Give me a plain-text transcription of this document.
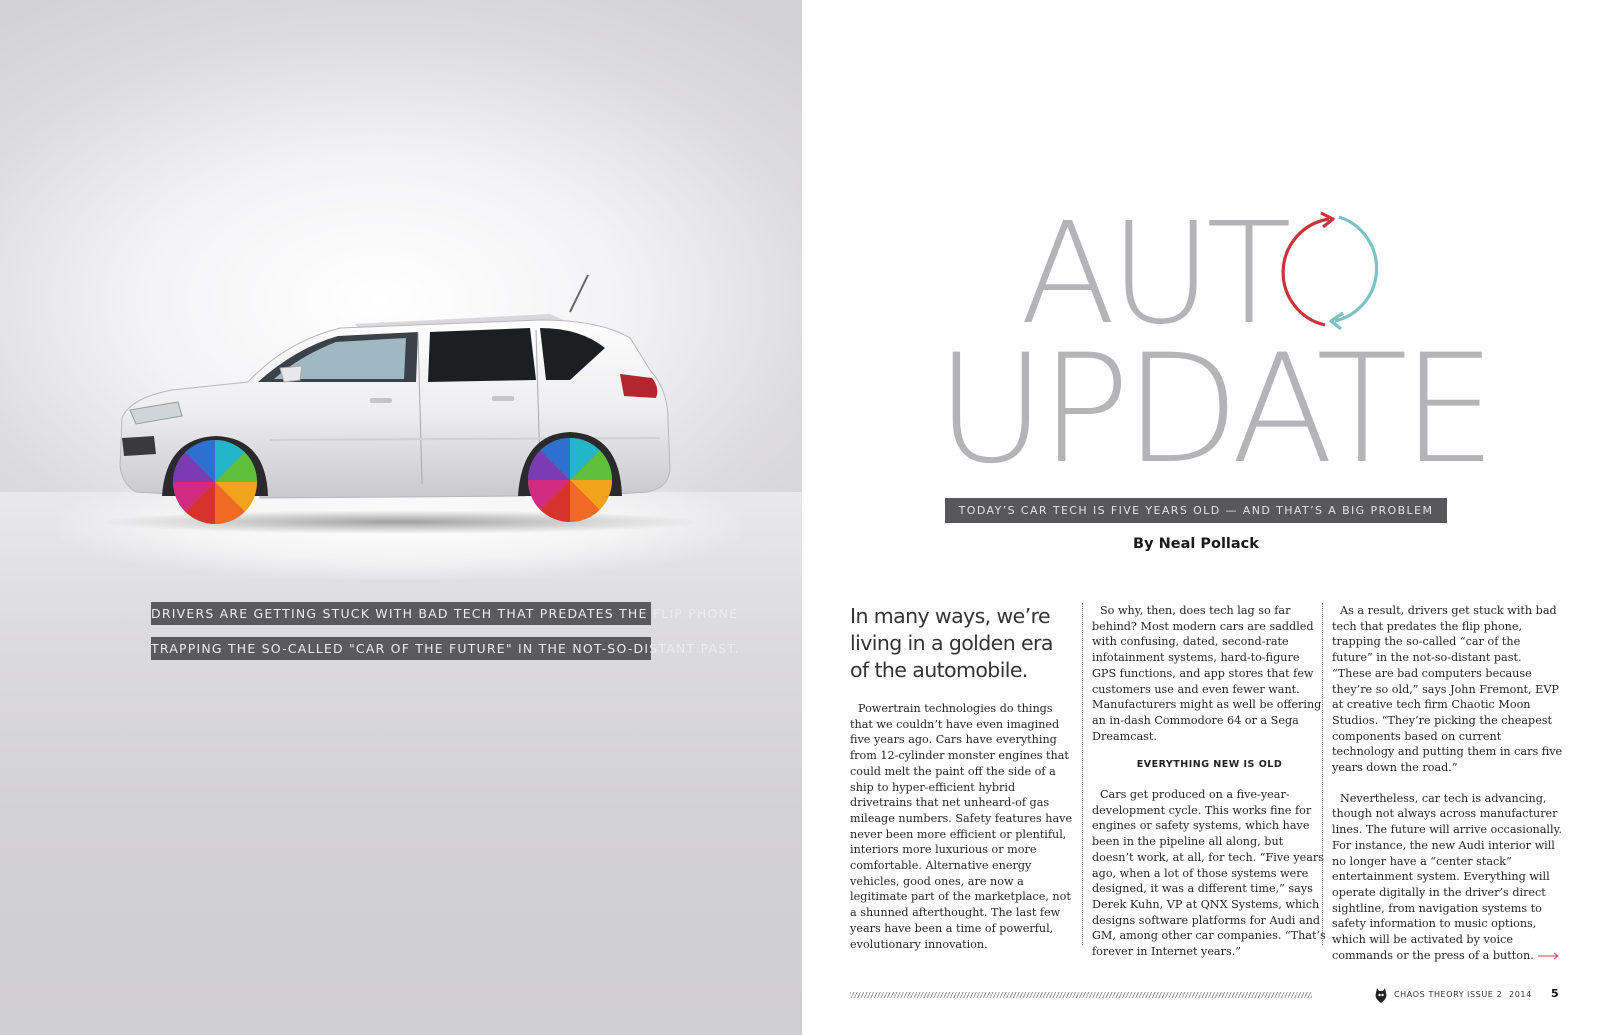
DRIVERS ARE GETTING STUCK WITH BAD TECH THAT PREDATES THE FLIP PHONE
TRAPPING THE SO-CALLED "CAR OF THE FUTURE" IN THE NOT-SO-DISTANT PAST.
AUT
UPDATE
TODAY’S CAR TECH IS FIVE YEARS OLD — AND THAT’S A BIG PROBLEM
By Neal Pollack
In many ways, we’re living in a golden era of the automobile.

Powertrain technologies do things that we couldn’t have even imagined five years ago. Cars have everything from 12-cylinder monster engines that could melt the paint off the side of a ship to hyper-efficient hybrid drivetrains that net unheard-of gas mileage numbers. Safety features have never been more efficient or plentiful, interiors more luxurious or more comfortable. Alternative energy vehicles, good ones, are now a legitimate part of the marketplace, not a shunned afterthought. The last few years have been a time of powerful, evolutionary innovation.

So why, then, does tech lag so far behind? Most modern cars are saddled with confusing, dated, second-rate infotainment systems, hard-to-figure GPS functions, and app stores that few customers use and even fewer want. Manufacturers might as well be offering an in-dash Commodore 64 or a Sega Dreamcast.

EVERYTHING NEW IS OLD

Cars get produced on a five-year-development cycle. This works fine for engines or safety systems, which have been in the pipeline all along, but doesn’t work, at all, for tech. “Five years ago, when a lot of those systems were designed, it was a different time,” says Derek Kuhn, VP at QNX Systems, which designs software platforms for Audi and GM, among other car companies. “That’s forever in Internet years.”

As a result, drivers get stuck with bad tech that predates the flip phone, trapping the so-called “car of the future” in the not-so-distant past. “These are bad computers because they’re so old,” says John Fremont, EVP at creative tech firm Chaotic Moon Studios. “They’re picking the cheapest components based on current technology and putting them in cars five years down the road.”

Nevertheless, car tech is advancing, though not always across manufacturer lines. The future will arrive occasionally. For instance, the new Audi interior will no longer have a “center stack” entertainment system. Everything will operate digitally in the driver’s direct sightline, from navigation systems to safety information to music options, which will be activated by voice commands or the press of a button.

CHAOS THEORY ISSUE 2 2014 5
